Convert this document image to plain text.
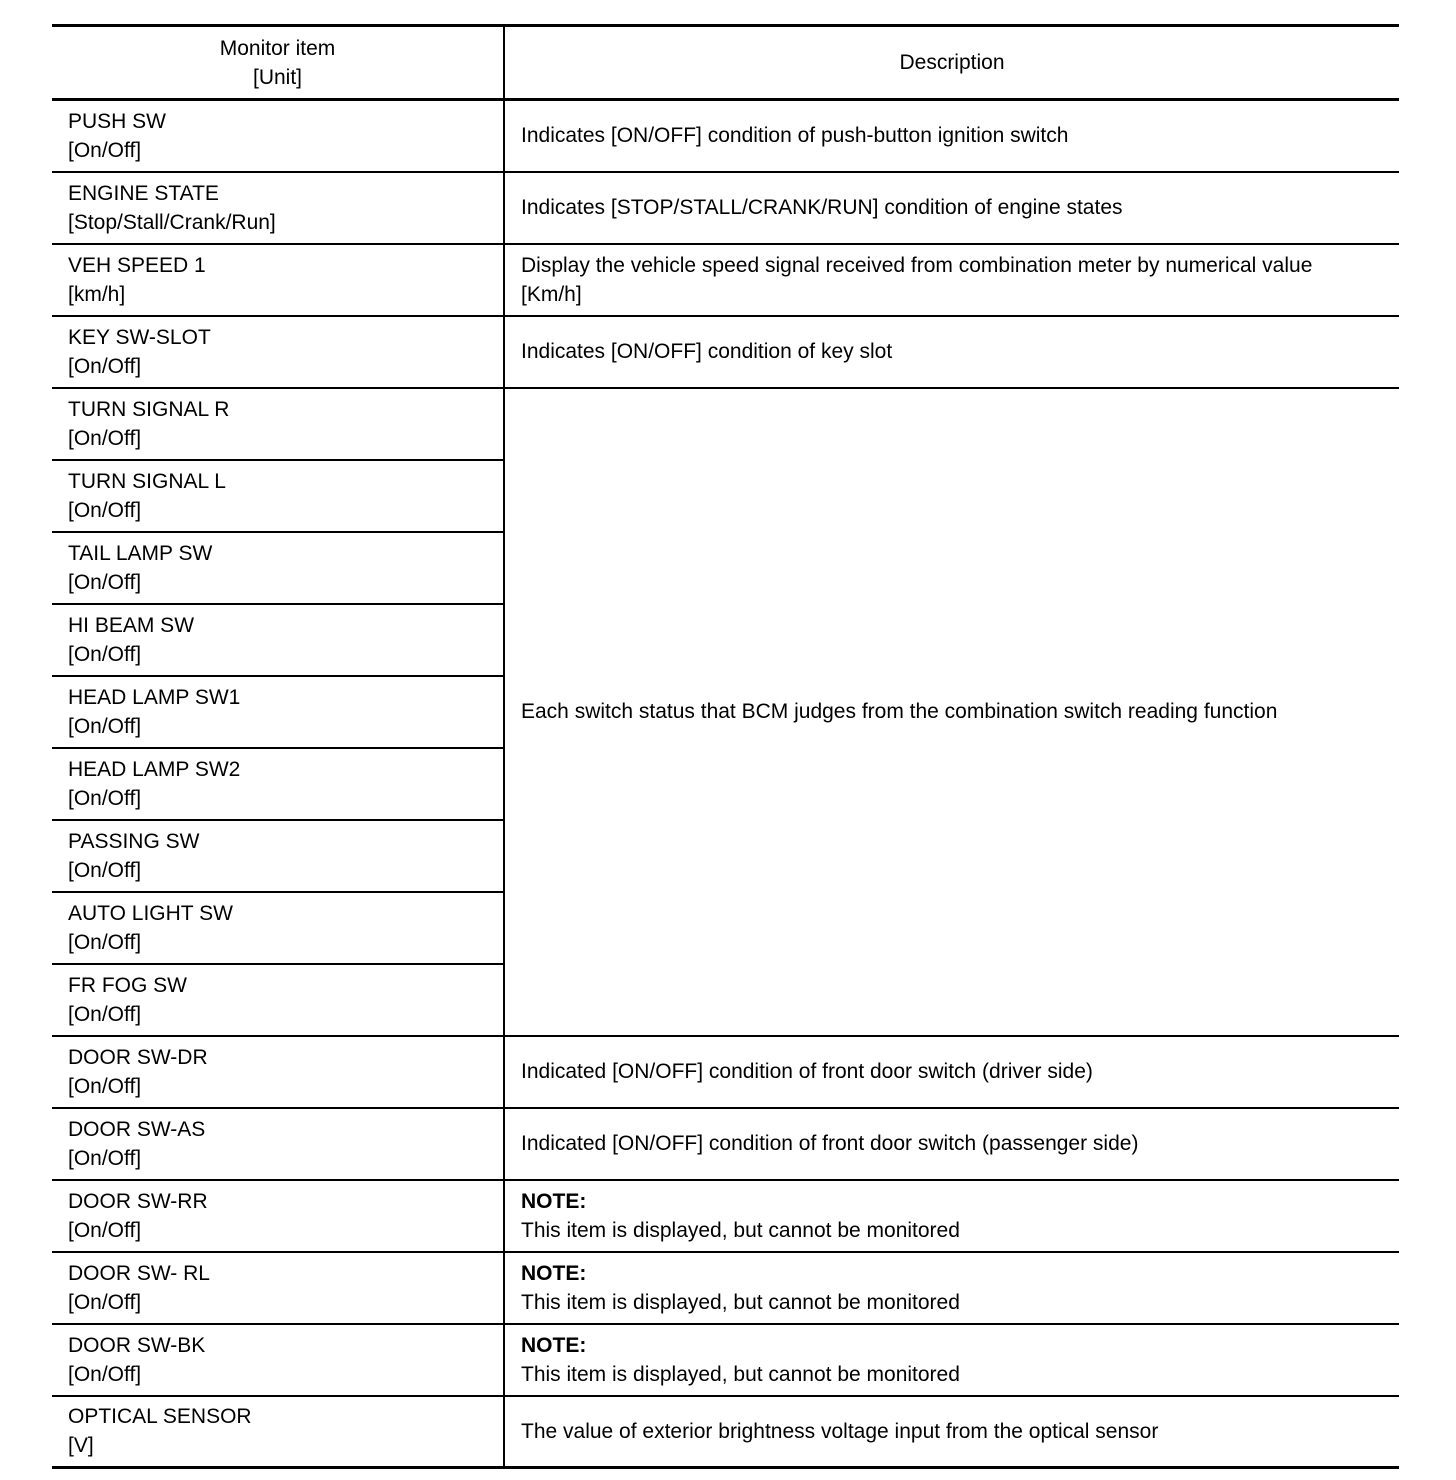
Monitor item
[Unit]	Description

PUSH SW
[On/Off]	Indicates [ON/OFF] condition of push-button ignition switch

ENGINE STATE
[Stop/Stall/Crank/Run]	Indicates [STOP/STALL/CRANK/RUN] condition of engine states

VEH SPEED 1
[km/h]	Display the vehicle speed signal received from combination meter by numerical value
[Km/h]

KEY SW-SLOT
[On/Off]	Indicates [ON/OFF] condition of key slot

TURN SIGNAL R
[On/Off]	Each switch status that BCM judges from the combination switch reading function

TURN SIGNAL L
[On/Off]	

TAIL LAMP SW
[On/Off]	

HI BEAM SW
[On/Off]	

HEAD LAMP SW1
[On/Off]	

HEAD LAMP SW2
[On/Off]	

PASSING SW
[On/Off]	

AUTO LIGHT SW
[On/Off]	

FR FOG SW
[On/Off]	

DOOR SW-DR
[On/Off]	Indicated [ON/OFF] condition of front door switch (driver side)

DOOR SW-AS
[On/Off]	Indicated [ON/OFF] condition of front door switch (passenger side)

DOOR SW-RR
[On/Off]	NOTE:
This item is displayed, but cannot be monitored

DOOR SW- RL
[On/Off]	NOTE:
This item is displayed, but cannot be monitored

DOOR SW-BK
[On/Off]	NOTE:
This item is displayed, but cannot be monitored

OPTICAL SENSOR
[V]	The value of exterior brightness voltage input from the optical sensor
